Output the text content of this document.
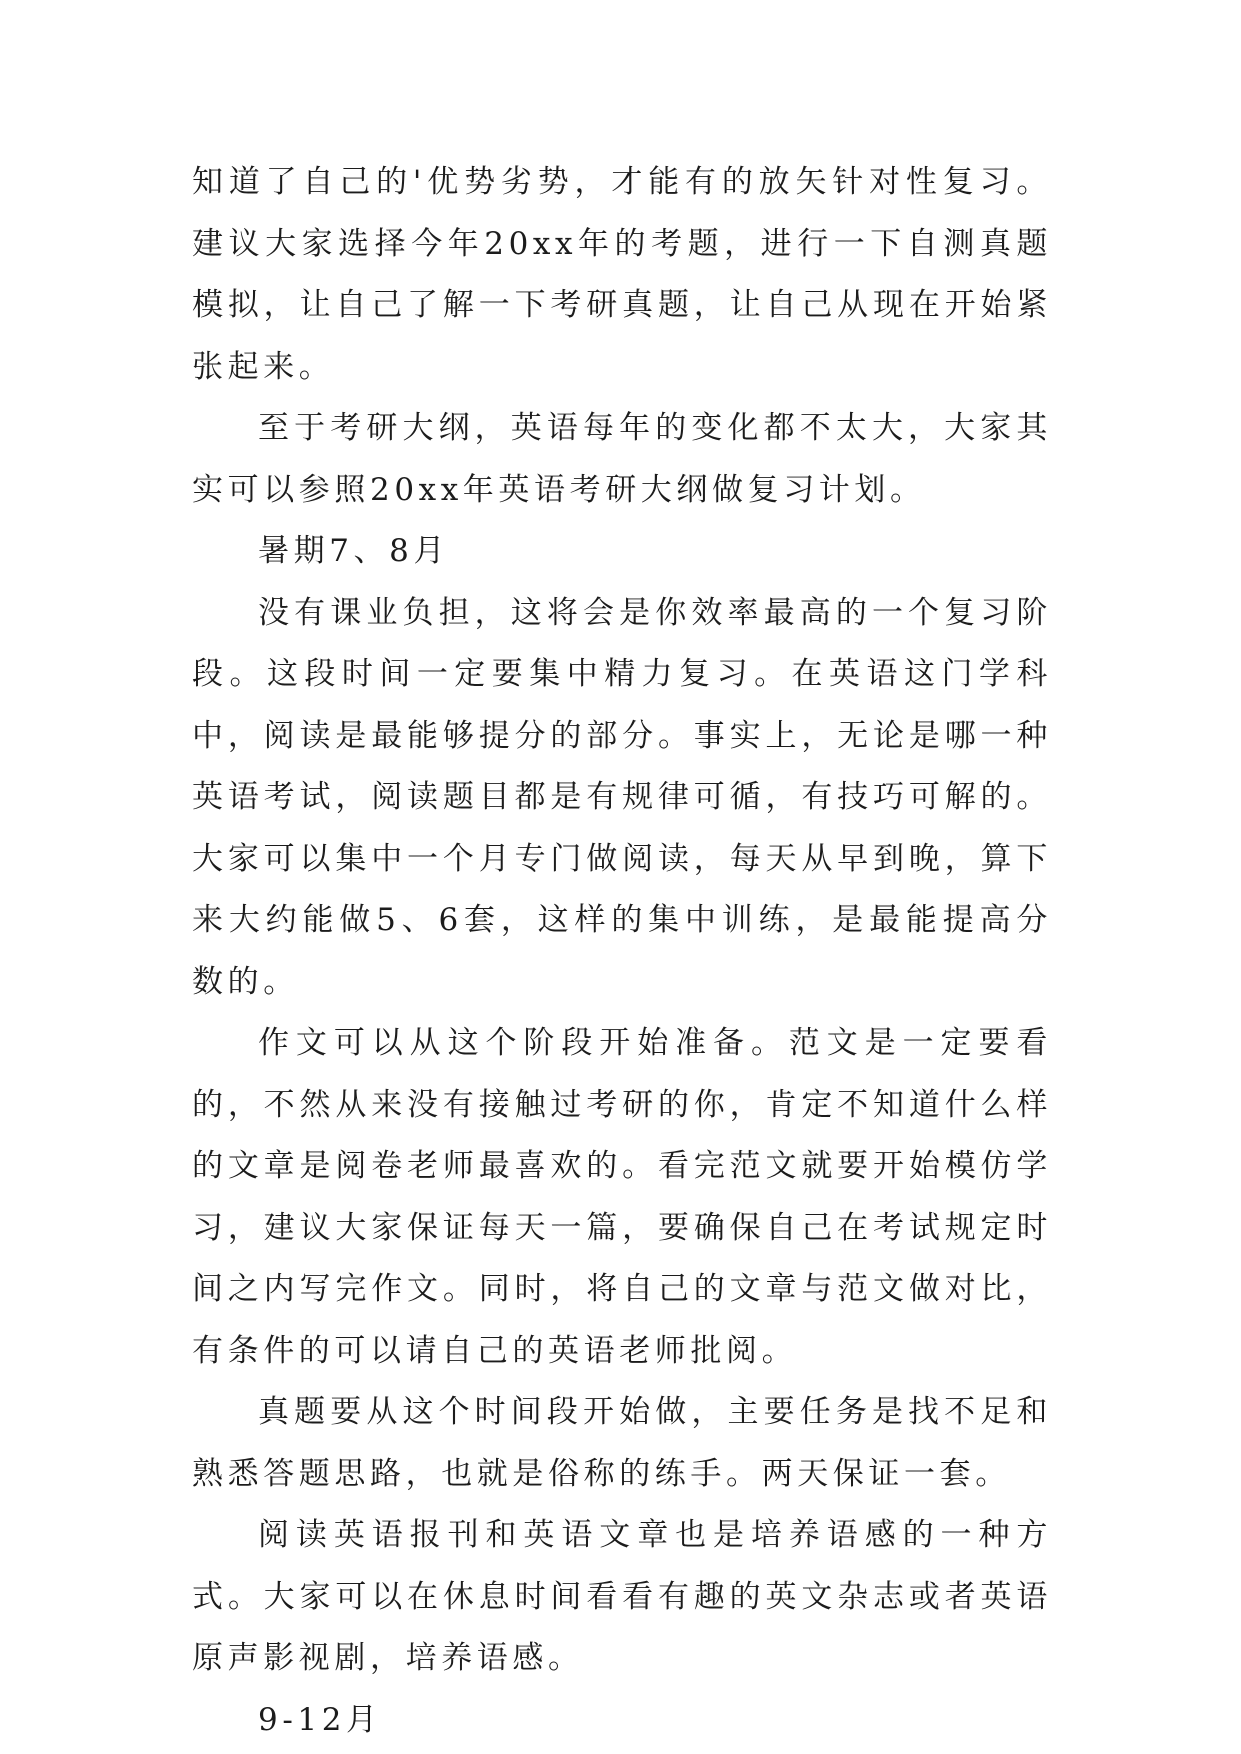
知道了自己的'优势劣势，才能有的放矢针对性复习。建议大家选择今年20xx年的考题，进行一下自测真题模拟，让自己了解一下考研真题，让自己从现在开始紧张起来。

至于考研大纲，英语每年的变化都不太大，大家其实可以参照20xx年英语考研大纲做复习计划。

暑期7、8月

没有课业负担，这将会是你效率最高的一个复习阶段。这段时间一定要集中精力复习。在英语这门学科中，阅读是最能够提分的部分。事实上，无论是哪一种英语考试，阅读题目都是有规律可循，有技巧可解的。大家可以集中一个月专门做阅读，每天从早到晚，算下来大约能做5、6套，这样的集中训练，是最能提高分数的。

作文可以从这个阶段开始准备。范文是一定要看的，不然从来没有接触过考研的你，肯定不知道什么样的文章是阅卷老师最喜欢的。看完范文就要开始模仿学习，建议大家保证每天一篇，要确保自己在考试规定时间之内写完作文。同时，将自己的文章与范文做对比，有条件的可以请自己的英语老师批阅。

真题要从这个时间段开始做，主要任务是找不足和熟悉答题思路，也就是俗称的练手。两天保证一套。

阅读英语报刊和英语文章也是培养语感的一种方式。大家可以在休息时间看看有趣的英文杂志或者英语原声影视剧，培养语感。

9-12月
